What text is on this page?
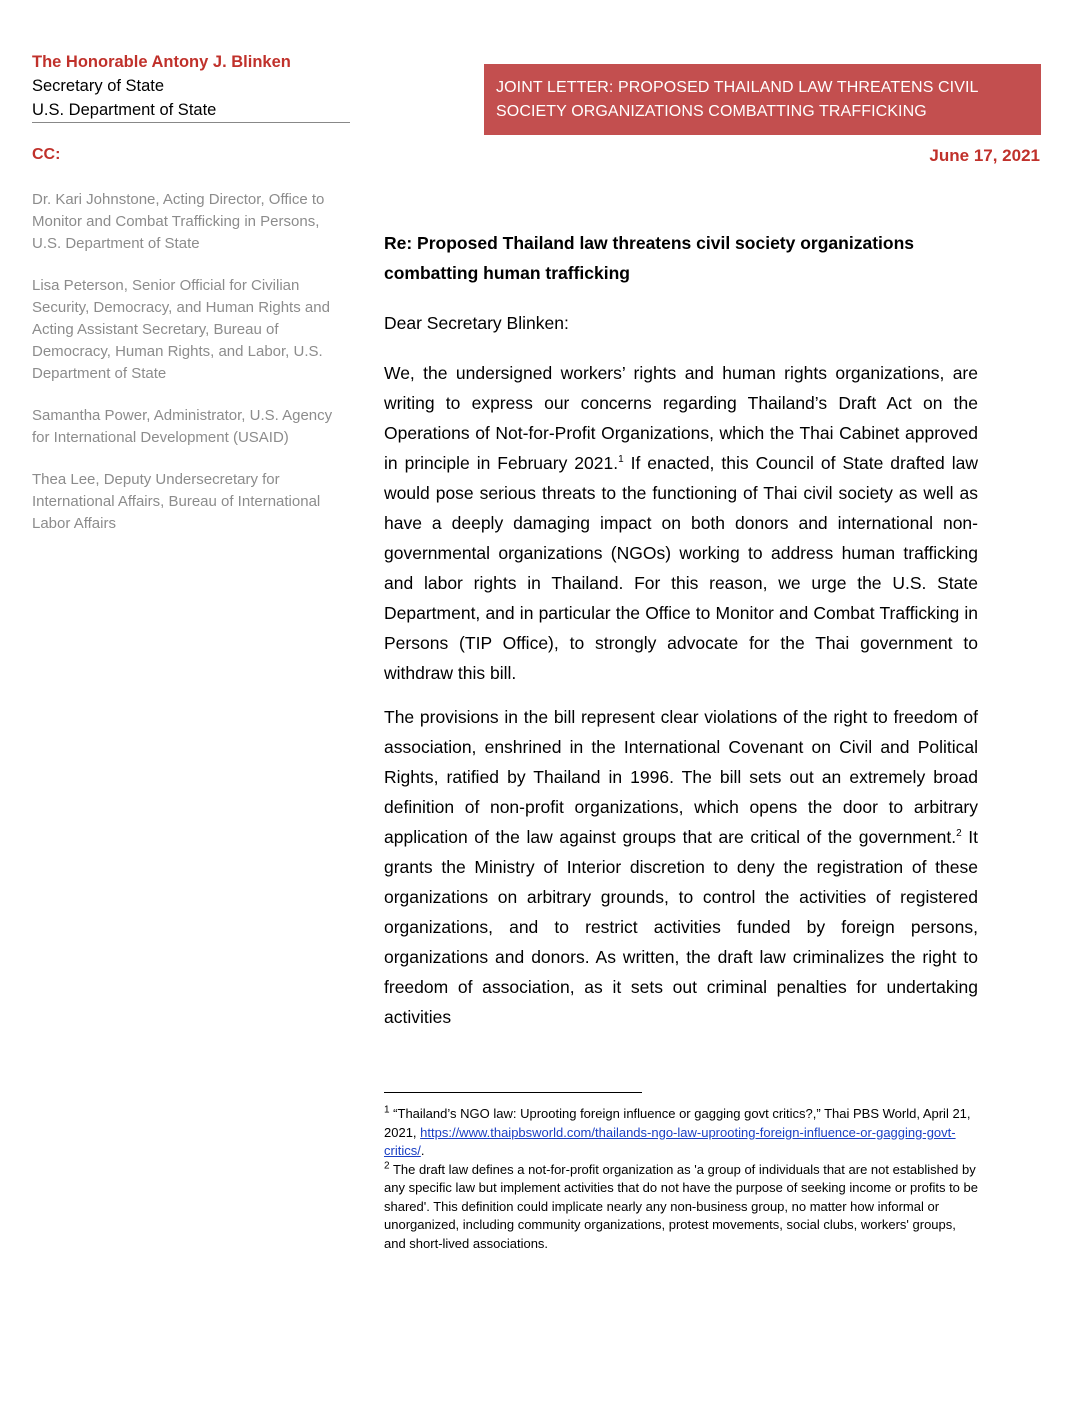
The Honorable Antony J. Blinken
Secretary of State
U.S. Department of State
CC:

Dr. Kari Johnstone, Acting Director, Office to Monitor and Combat Trafficking in Persons, U.S. Department of State

Lisa Peterson, Senior Official for Civilian Security, Democracy, and Human Rights and Acting Assistant Secretary, Bureau of Democracy, Human Rights, and Labor, U.S. Department of State

Samantha Power, Administrator, U.S. Agency for International Development (USAID)

Thea Lee, Deputy Undersecretary for International Affairs, Bureau of International Labor Affairs

JOINT LETTER: PROPOSED THAILAND LAW THREATENS CIVIL SOCIETY ORGANIZATIONS COMBATTING TRAFFICKING
June 17, 2021
Re: Proposed Thailand law threatens civil society organizations combatting human trafficking
Dear Secretary Blinken:

We, the undersigned workers’ rights and human rights organizations, are writing to express our concerns regarding Thailand’s Draft Act on the Operations of Not-for-Profit Organizations, which the Thai Cabinet approved in principle in February 2021.$^1$ If enacted, this Council of State drafted law would pose serious threats to the functioning of Thai civil society as well as have a deeply damaging impact on both donors and international non-governmental organizations (NGOs) working to address human trafficking and labor rights in Thailand. For this reason, we urge the U.S. State Department, and in particular the Office to Monitor and Combat Trafficking in Persons (TIP Office), to strongly advocate for the Thai government to withdraw this bill.

The provisions in the bill represent clear violations of the right to freedom of association, enshrined in the International Covenant on Civil and Political Rights, ratified by Thailand in 1996. The bill sets out an extremely broad definition of non-profit organizations, which opens the door to arbitrary application of the law against groups that are critical of the government.$^2$ It grants the Ministry of Interior discretion to deny the registration of these organizations on arbitrary grounds, to control the activities of registered organizations, and to restrict activities funded by foreign persons, organizations and donors. As written, the draft law criminalizes the right to freedom of association, as it sets out criminal penalties for undertaking activities

$^1$ “Thailand’s NGO law: Uprooting foreign influence or gagging govt critics?,” Thai PBS World, April 21, 2021, https://www.thaipbsworld.com/thailands-ngo-law-uprooting-foreign-influence-or-gagging-govt-critics/.

$^2$ The draft law defines a not-for-profit organization as 'a group of individuals that are not established by any specific law but implement activities that do not have the purpose of seeking income or profits to be shared'. This definition could implicate nearly any non-business group, no matter how informal or unorganized, including community organizations, protest movements, social clubs, workers' groups, and short-lived associations.
